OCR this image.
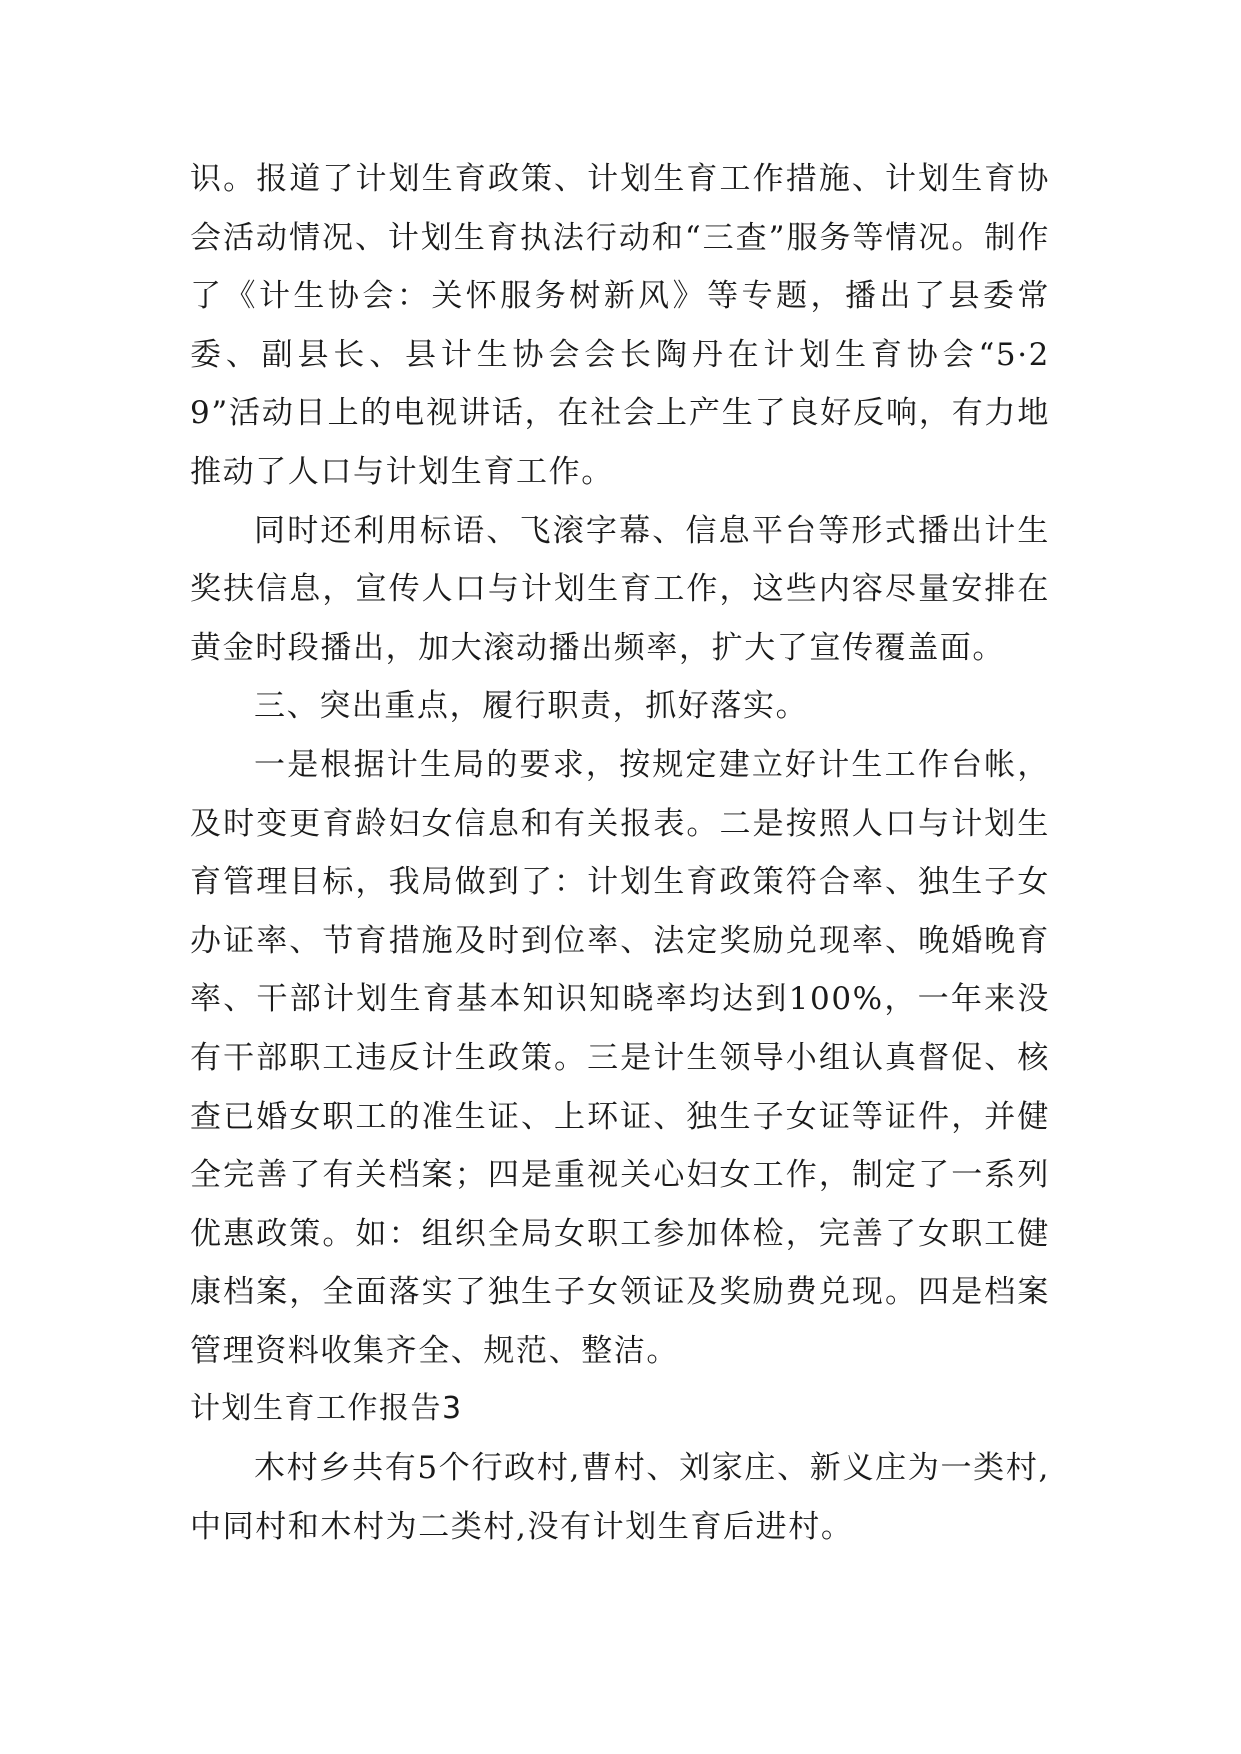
识。报道了计划生育政策、计划生育工作措施、计划生育协会活动情况、计划生育执法行动和“三查”服务等情况。制作了《计生协会：关怀服务树新风》等专题，播出了县委常委、副县长、县计生协会会长陶丹在计划生育协会“5·29”活动日上的电视讲话，在社会上产生了良好反响，有力地推动了人口与计划生育工作。

同时还利用标语、飞滚字幕、信息平台等形式播出计生奖扶信息，宣传人口与计划生育工作，这些内容尽量安排在黄金时段播出，加大滚动播出频率，扩大了宣传覆盖面。

三、突出重点，履行职责，抓好落实。

一是根据计生局的要求，按规定建立好计生工作台帐，及时变更育龄妇女信息和有关报表。二是按照人口与计划生育管理目标，我局做到了：计划生育政策符合率、独生子女办证率、节育措施及时到位率、法定奖励兑现率、晚婚晚育率、干部计划生育基本知识知晓率均达到100%，一年来没有干部职工违反计生政策。三是计生领导小组认真督促、核查已婚女职工的准生证、上环证、独生子女证等证件，并健全完善了有关档案；四是重视关心妇女工作，制定了一系列优惠政策。如：组织全局女职工参加体检，完善了女职工健康档案，全面落实了独生子女领证及奖励费兑现。四是档案管理资料收集齐全、规范、整洁。

计划生育工作报告3

木村乡共有5个行政村,曹村、刘家庄、新义庄为一类村,中同村和木村为二类村,没有计划生育后进村。
